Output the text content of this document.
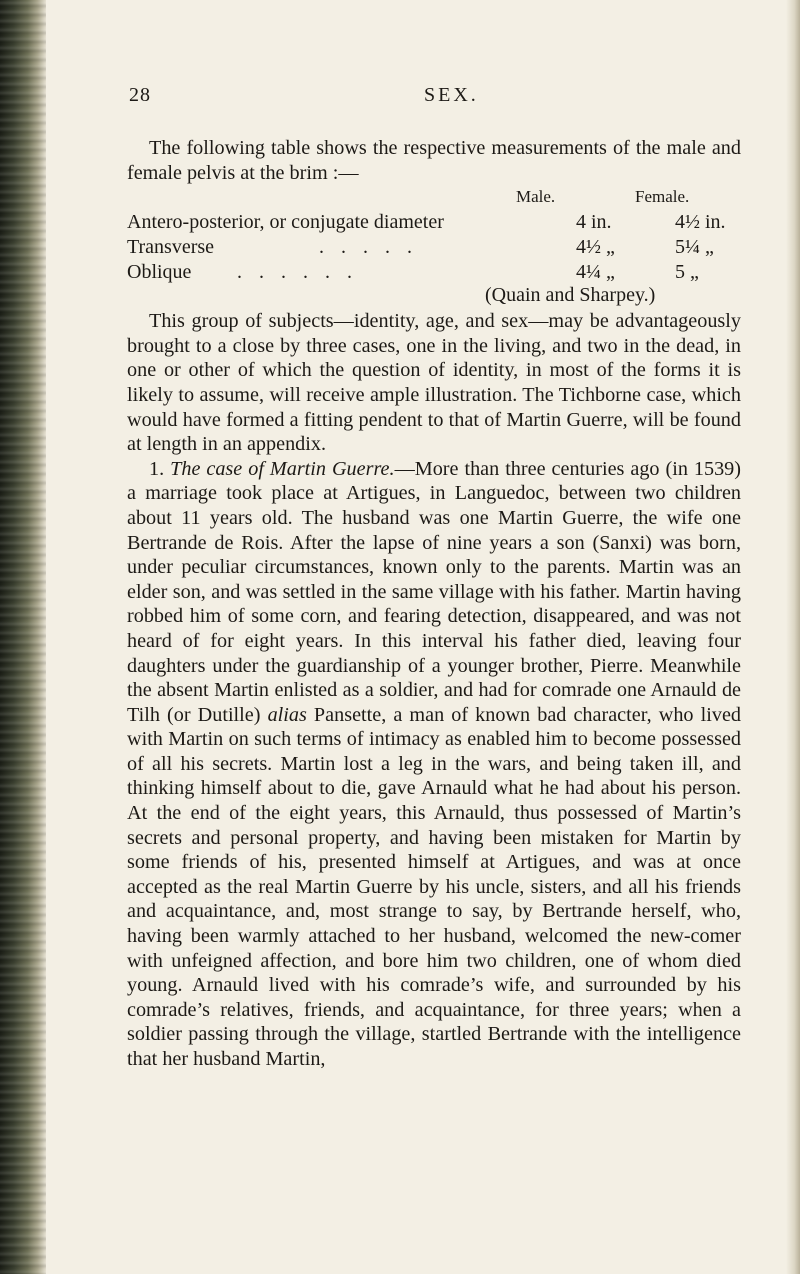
28	SEX.

The following table shows the respective measurements of the male and female pelvis at the brim :—

Male.	Female.
Antero-posterior, or conjugate diameter	4 in.	4½ in.
Transverse	. . . . .	4½ „	5¼ „
Oblique . . . . . .	4¼ „	5 „
(Quain and Sharpey.)

This group of subjects—identity, age, and sex—may be advantageously brought to a close by three cases, one in the living, and two in the dead, in one or other of which the question of identity, in most of the forms it is likely to assume, will receive ample illustration. The Tichborne case, which would have formed a fitting pendent to that of Martin Guerre, will be found at length in an appendix.

1. The case of Martin Guerre.—More than three centuries ago (in 1539) a marriage took place at Artigues, in Languedoc, between two children about 11 years old. The husband was one Martin Guerre, the wife one Bertrande de Rois. After the lapse of nine years a son (Sanxi) was born, under peculiar circumstances, known only to the parents. Martin was an elder son, and was settled in the same village with his father. Martin having robbed him of some corn, and fearing detection, disappeared, and was not heard of for eight years. In this interval his father died, leaving four daughters under the guardianship of a younger brother, Pierre. Meanwhile the absent Martin enlisted as a soldier, and had for comrade one Arnauld de Tilh (or Dutille) alias Pansette, a man of known bad character, who lived with Martin on such terms of intimacy as enabled him to become possessed of all his secrets. Martin lost a leg in the wars, and being taken ill, and thinking himself about to die, gave Arnauld what he had about his person. At the end of the eight years, this Arnauld, thus possessed of Martin’s secrets and personal property, and having been mistaken for Martin by some friends of his, presented himself at Artigues, and was at once accepted as the real Martin Guerre by his uncle, sisters, and all his friends and acquaintance, and, most strange to say, by Bertrande herself, who, having been warmly attached to her husband, welcomed the new-comer with unfeigned affection, and bore him two children, one of whom died young. Arnauld lived with his comrade’s wife, and surrounded by his comrade’s relatives, friends, and acquaintance, for three years; when a soldier passing through the village, startled Bertrande with the intelligence that her husband Martin,
